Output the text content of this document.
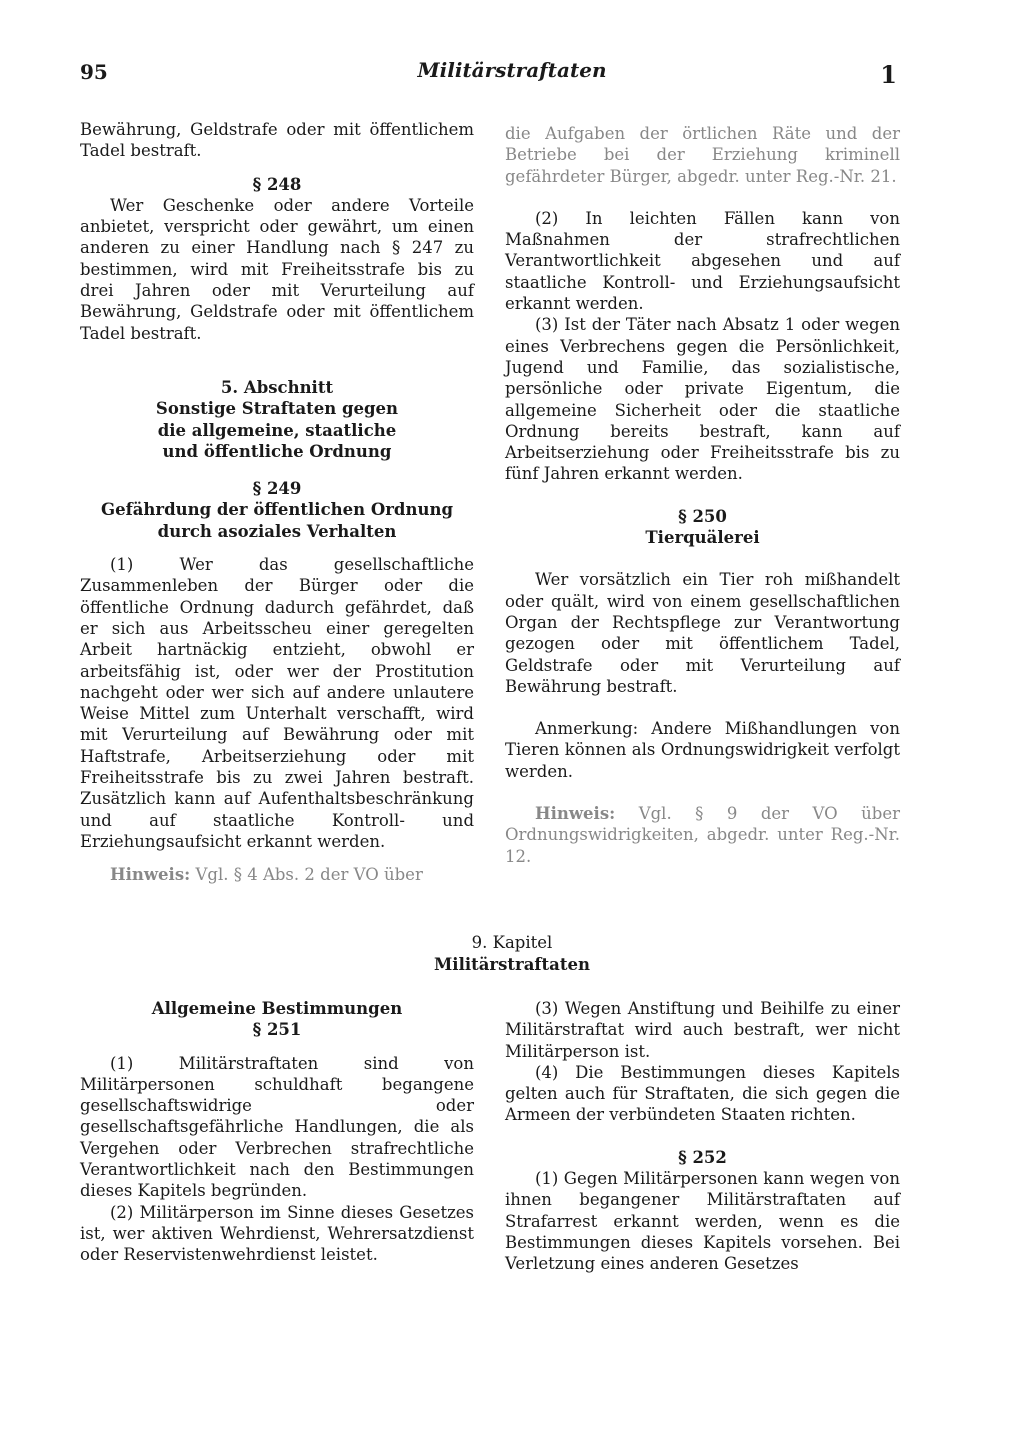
95	Militärstraftaten	1

Bewährung, Geldstrafe oder mit öffentlichem Tadel bestraft.

§ 248

Wer Geschenke oder andere Vorteile anbietet, verspricht oder gewährt, um einen anderen zu einer Handlung nach § 247 zu bestimmen, wird mit Freiheitsstrafe bis zu drei Jahren oder mit Verurteilung auf Bewährung, Geldstrafe oder mit öffentlichem Tadel bestraft.

5. Abschnitt

Sonstige Straftaten gegen

die allgemeine, staatliche

und öffentliche Ordnung

§ 249

Gefährdung der öffentlichen Ordnung

durch asoziales Verhalten

(1) Wer das gesellschaftliche Zusammenleben der Bürger oder die öffentliche Ordnung dadurch gefährdet, daß er sich aus Arbeitsscheu einer geregelten Arbeit hartnäckig entzieht, obwohl er arbeitsfähig ist, oder wer der Prostitution nachgeht oder wer sich auf andere unlautere Weise Mittel zum Unterhalt verschafft, wird mit Verurteilung auf Bewährung oder mit Haftstrafe, Arbeitserziehung oder mit Freiheitsstrafe bis zu zwei Jahren bestraft. Zusätzlich kann auf Aufenthaltsbeschränkung und auf staatliche Kontroll- und Erziehungsaufsicht erkannt werden.

Hinweis: Vgl. § 4 Abs. 2 der VO über

die Aufgaben der örtlichen Räte und der Betriebe bei der Erziehung kriminell gefährdeter Bürger, abgedr. unter Reg.-Nr. 21.

(2) In leichten Fällen kann von Maßnahmen der strafrechtlichen Verantwortlichkeit abgesehen und auf staatliche Kontroll- und Erziehungsaufsicht erkannt werden.

(3) Ist der Täter nach Absatz 1 oder wegen eines Verbrechens gegen die Persönlichkeit, Jugend und Familie, das sozialistische, persönliche oder private Eigentum, die allgemeine Sicherheit oder die staatliche Ordnung bereits bestraft, kann auf Arbeitserziehung oder Freiheitsstrafe bis zu fünf Jahren erkannt werden.

§ 250

Tierquälerei

Wer vorsätzlich ein Tier roh mißhandelt oder quält, wird von einem gesellschaftlichen Organ der Rechtspflege zur Verantwortung gezogen oder mit öffentlichem Tadel, Geldstrafe oder mit Verurteilung auf Bewährung bestraft.

Anmerkung: Andere Mißhandlungen von Tieren können als Ordnungswidrigkeit verfolgt werden.

Hinweis: Vgl. § 9 der VO über Ordnungswidrigkeiten, abgedr. unter Reg.-Nr. 12.

9. Kapitel
Militärstraftaten

Allgemeine Bestimmungen

§ 251

(1) Militärstraftaten sind von Militärpersonen schuldhaft begangene gesellschaftswidrige oder gesellschaftsgefährliche Handlungen, die als Vergehen oder Verbrechen strafrechtliche Verantwortlichkeit nach den Bestimmungen dieses Kapitels begründen.

(2) Militärperson im Sinne dieses Gesetzes ist, wer aktiven Wehrdienst, Wehrersatzdienst oder Reservistenwehrdienst leistet.

(3) Wegen Anstiftung und Beihilfe zu einer Militärstraftat wird auch bestraft, wer nicht Militärperson ist.

(4) Die Bestimmungen dieses Kapitels gelten auch für Straftaten, die sich gegen die Armeen der verbündeten Staaten richten.

§ 252

(1) Gegen Militärpersonen kann wegen von ihnen begangener Militärstraftaten auf Strafarrest erkannt werden, wenn es die Bestimmungen dieses Kapitels vorsehen. Bei Verletzung eines anderen Gesetzes
